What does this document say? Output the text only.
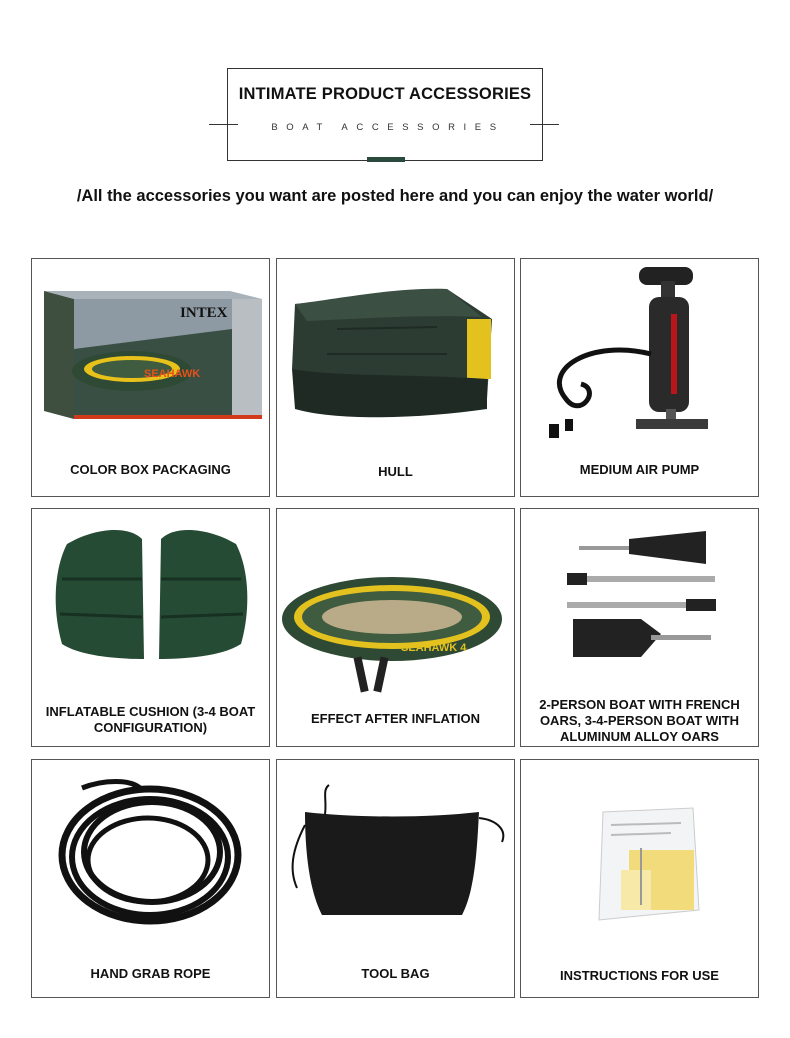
INTIMATE PRODUCT ACCESSORIES
BOAT ACCESSORIES
/All the accessories you want are posted here and you can enjoy the water world/
INTEX
SEAHAWK
COLOR BOX PACKAGING	HULL	MEDIUM AIR PUMP
INFLATABLE CUSHION (3-4 BOAT CONFIGURATION)
SEAHAWK 4
EFFECT AFTER INFLATION
2-PERSON BOAT WITH FRENCH OARS, 3-4-PERSON BOAT WITH ALUMINUM ALLOY OARS
HAND GRAB ROPE	TOOL BAG	INSTRUCTIONS FOR USE
